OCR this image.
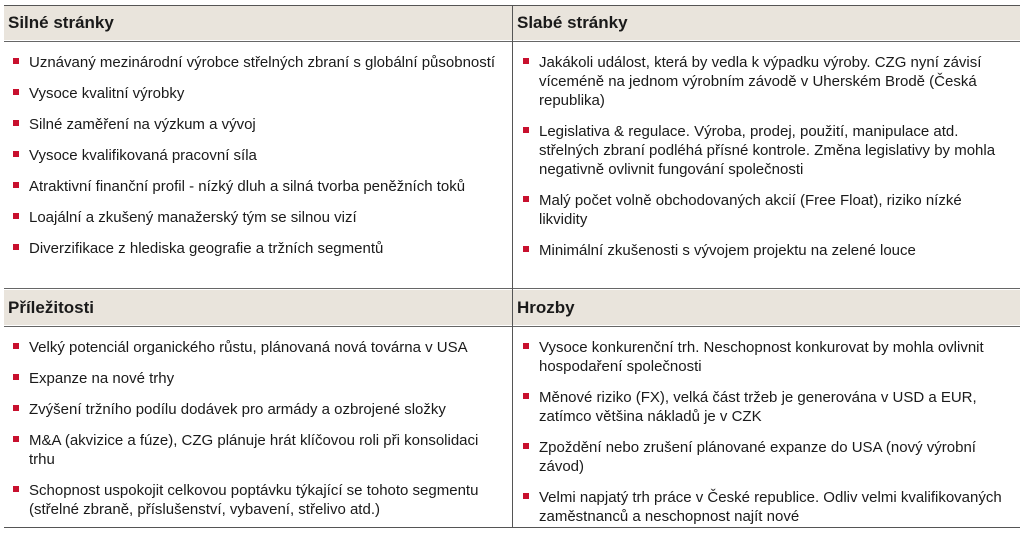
Silné stránky	Slabé stránky
Uznávaný mezinárodní výrobce střelných zbraní s globální působností
Vysoce kvalitní výrobky
Silné zaměření na výzkum a vývoj
Vysoce kvalifikovaná pracovní síla
Atraktivní finanční profil - nízký dluh a silná tvorba peněžních toků
Loajální a zkušený manažerský tým se silnou vizí
Diverzifikace z hlediska geografie a tržních segmentů
Jakákoli událost, která by vedla k výpadku výroby. CZG nyní závisí víceméně na jednom výrobním závodě v Uherském Brodě (Česká republika)
Legislativa & regulace. Výroba, prodej, použití, manipulace atd. střelných zbraní podléhá přísné kontrole. Změna legislativy by mohla negativně ovlivnit fungování společnosti
Malý počet volně obchodovaných akcií (Free Float), riziko nízké likvidity
Minimální zkušenosti s vývojem projektu na zelené louce
Příležitosti	Hrozby
Velký potenciál organického růstu, plánovaná nová továrna v USA
Expanze na nové trhy
Zvýšení tržního podílu dodávek pro armády a ozbrojené složky
M&A (akvizice a fúze), CZG plánuje hrát klíčovou roli při konsolidaci trhu
Schopnost uspokojit celkovou poptávku týkající se tohoto segmentu (střelné zbraně, příslušenství, vybavení, střelivo atd.)
Vysoce konkurenční trh. Neschopnost konkurovat by mohla ovlivnit hospodaření společnosti
Měnové riziko (FX), velká část tržeb je generována v USD a EUR, zatímco většina nákladů je v CZK
Zpoždění nebo zrušení plánované expanze do USA (nový výrobní závod)
Velmi napjatý trh práce v České republice. Odliv velmi kvalifikovaných zaměstnanců a neschopnost najít nové
